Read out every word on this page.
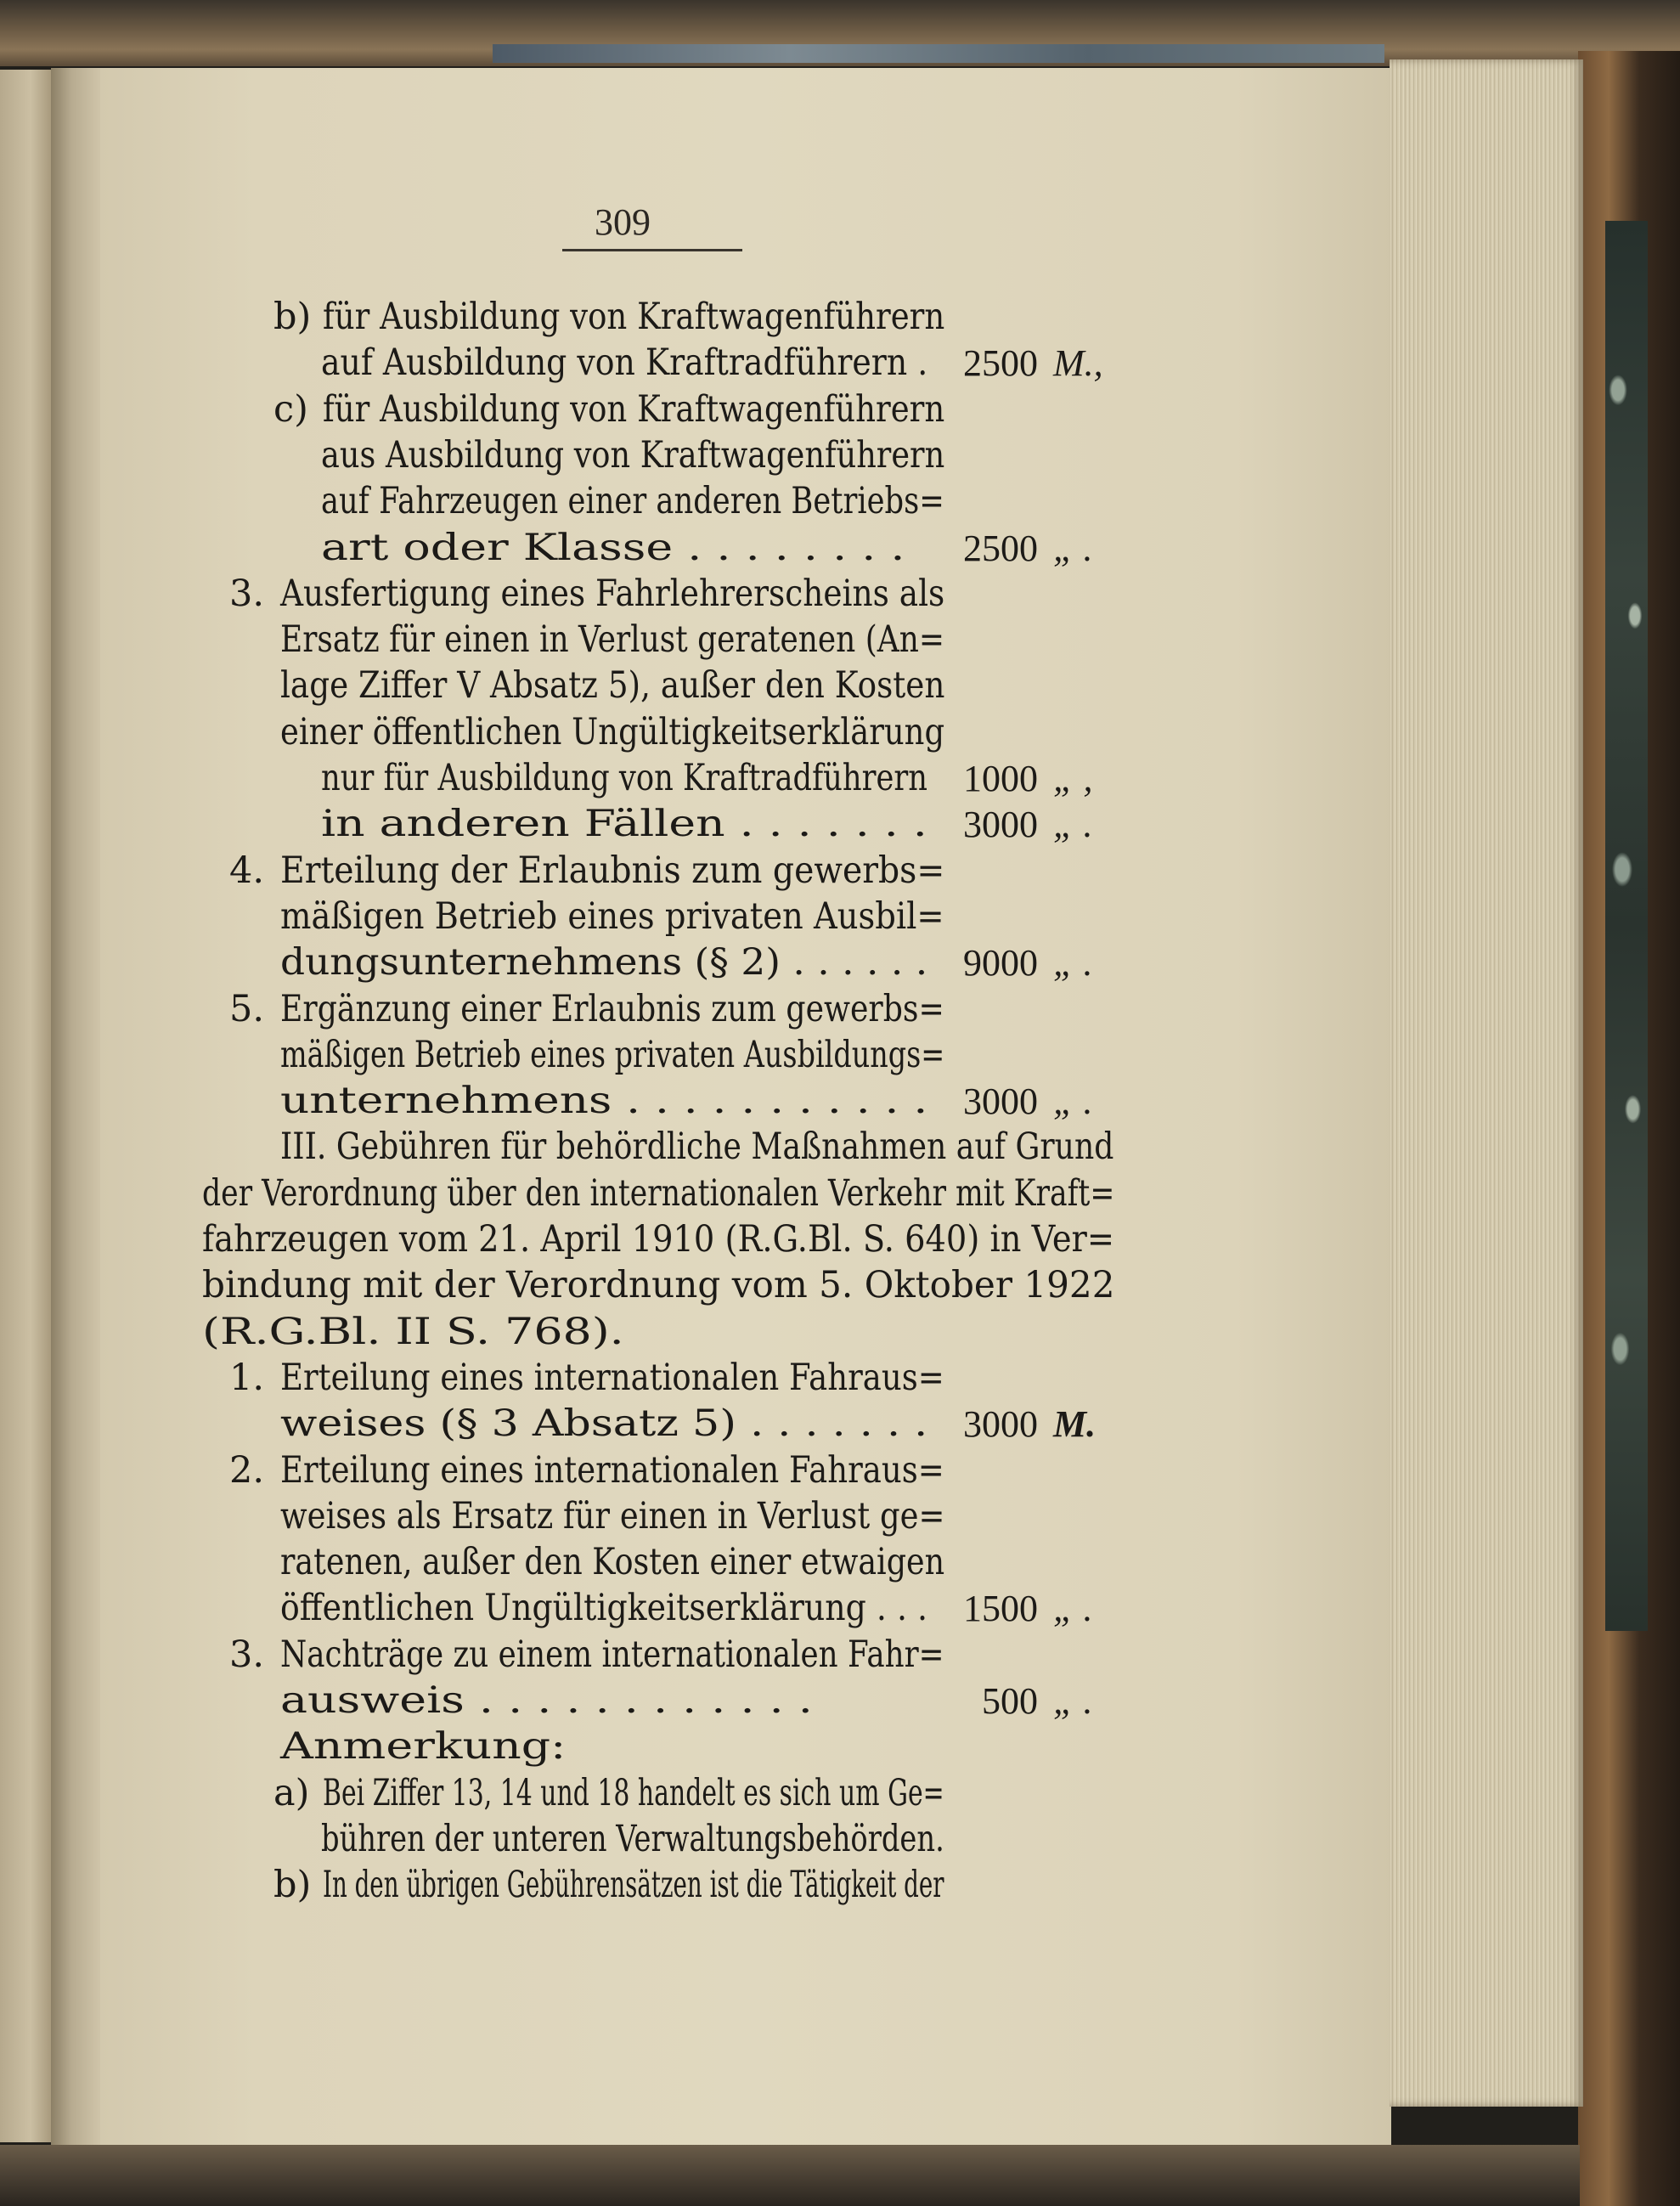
309
b) für Ausbildung von Kraftwagenführern
auf Ausbildung von Kraftradführern . 2500 M.,
c) für Ausbildung von Kraftwagenführern
aus Ausbildung von Kraftwagenführern
auf Fahrzeugen einer anderen Betriebs=
art oder Klasse . . . . . . . .	2500 „ .
3. Ausfertigung eines Fahrlehrerscheins als
Ersatz für einen in Verlust geratenen (An=
lage Ziffer V Absatz 5), außer den Kosten
einer öffentlichen Ungültigkeitserklärung
nur für Ausbildung von Kraftradführern 1000 „ ,
in anderen Fällen . . . . . . . 3000 „ .
4. Erteilung der Erlaubnis zum gewerbs=
mäßigen Betrieb eines privaten Ausbil=
dungsunternehmens (§ 2) . . . . . . 9000 „ .
5. Ergänzung einer Erlaubnis zum gewerbs=
mäßigen Betrieb eines privaten Ausbildungs=
unternehmens . . . . . . . . . . . 3000 „ .
III. Gebühren für behördliche Maßnahmen auf Grund
der Verordnung über den internationalen Verkehr mit Kraft=
fahrzeugen vom 21. April 1910 (R.G.Bl. S. 640) in Ver=
bindung mit der Verordnung vom 5. Oktober 1922
(R.G.Bl. II S. 768).
1. Erteilung eines internationalen Fahraus=
weises (§ 3 Absatz 5) . . . . . . . 3000 M.
2. Erteilung eines internationalen Fahraus=
weises als Ersatz für einen in Verlust ge=
ratenen, außer den Kosten einer etwaigen
öffentlichen Ungültigkeitserklärung . . . 1500 „ .
3. Nachträge zu einem internationalen Fahr=
ausweis . . . . . . . . . . . .	500 „ .
Anmerkung:
a) Bei Ziffer 13, 14 und 18 handelt es sich um Ge=
bühren der unteren Verwaltungsbehörden.
b) In den übrigen Gebührensätzen ist die Tätigkeit der
